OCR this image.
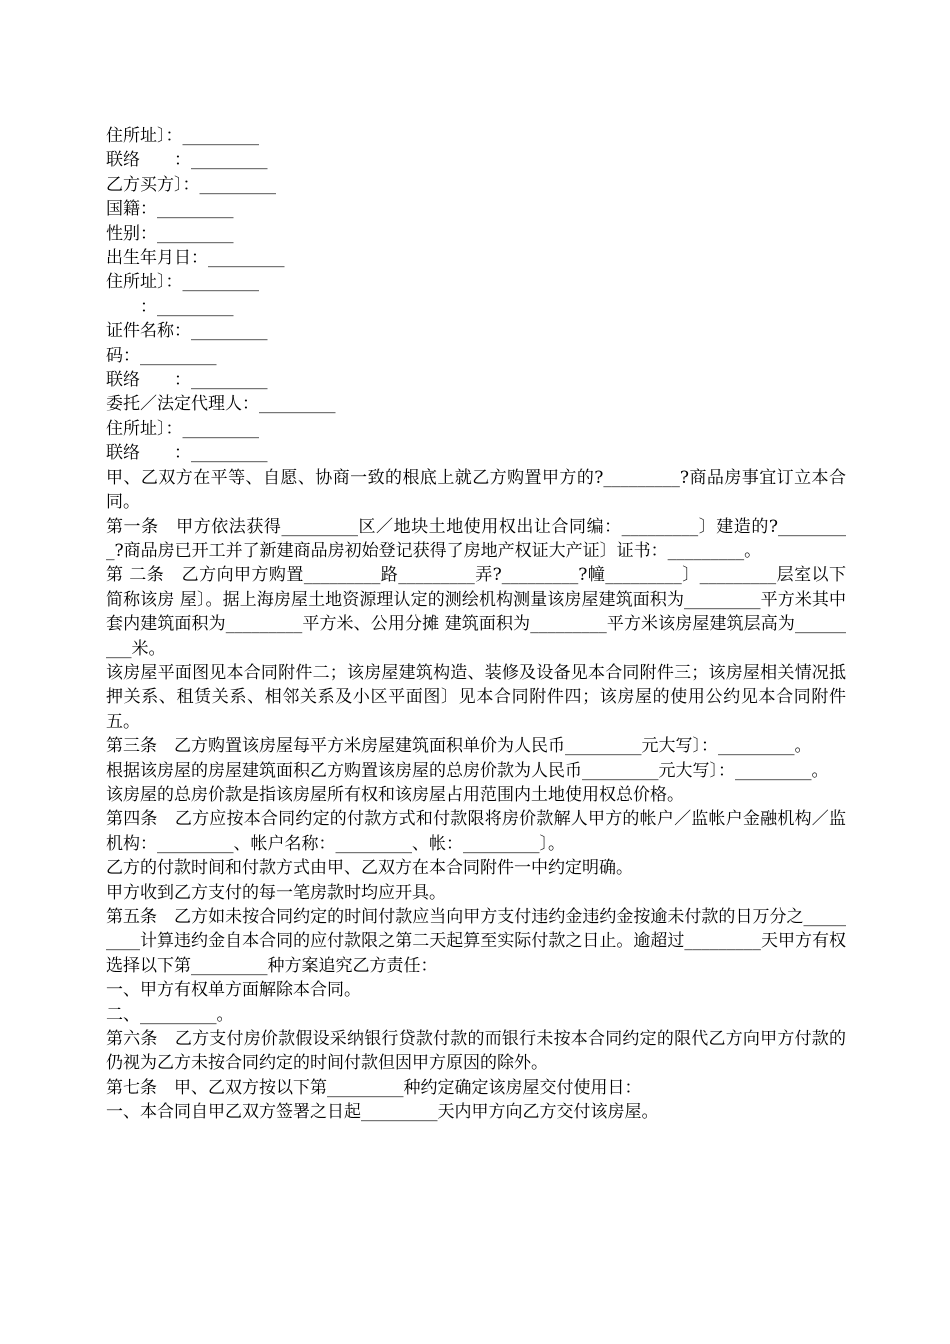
住所址〕：_________

联络　　：_________

乙方买方〕：_________

国籍：_________

性别：_________

出生年月日：_________

住所址〕：_________

　　：_________

证件名称：_________

码：_________

联络　　：_________

委托／法定代理人：_________

住所址〕：_________

联络　　：_________

甲、乙双方在平等、自愿、协商一致的根底上就乙方购置甲方的?_________?商品房事宜订立本合同。

第一条　甲方依法获得_________区／地块土地使用权出让合同编：_________〕建造的?_________?商品房已开工并了新建商品房初始登记获得了房地产权证大产证〕证书：_________。

第 二条　乙方向甲方购置_________路_________弄?_________?幢_________〕_________层室以下简称该房 屋〕。据上海房屋土地资源理认定的测绘机构测量该房屋建筑面积为_________平方米其中套内建筑面积为_________平方米、公用分摊 建筑面积为_________平方米该房屋建筑层高为_________米。

该房屋平面图见本合同附件二；该房屋建筑构造、装修及设备见本合同附件三；该房屋相关情况抵押关系、租赁关系、相邻关系及小区平面图〕见本合同附件四；该房屋的使用公约见本合同附件五。

第三条　乙方购置该房屋每平方米房屋建筑面积单价为人民币_________元大写〕：_________。

根据该房屋的房屋建筑面积乙方购置该房屋的总房价款为人民币_________元大写〕：_________。

该房屋的总房价款是指该房屋所有权和该房屋占用范围内土地使用权总价格。

第四条　乙方应按本合同约定的付款方式和付款限将房价款解人甲方的帐户／监帐户金融机构／监机构：_________、帐户名称：_________、帐：_________〕。

乙方的付款时间和付款方式由甲、乙双方在本合同附件一中约定明确。

甲方收到乙方支付的每一笔房款时均应开具。

第五条　乙方如未按合同约定的时间付款应当向甲方支付违约金违约金按逾未付款的日万分之_________计算违约金自本合同的应付款限之第二天起算至实际付款之日止。逾超过_________天甲方有权选择以下第_________种方案追究乙方责任：

一、甲方有权单方面解除本合同。

二、_________。

第六条　乙方支付房价款假设采纳银行贷款付款的而银行未按本合同约定的限代乙方向甲方付款的仍视为乙方未按合同约定的时间付款但因甲方原因的除外。

第七条　甲、乙双方按以下第_________种约定确定该房屋交付使用日：

一、本合同自甲乙双方签署之日起_________天内甲方向乙方交付该房屋。
